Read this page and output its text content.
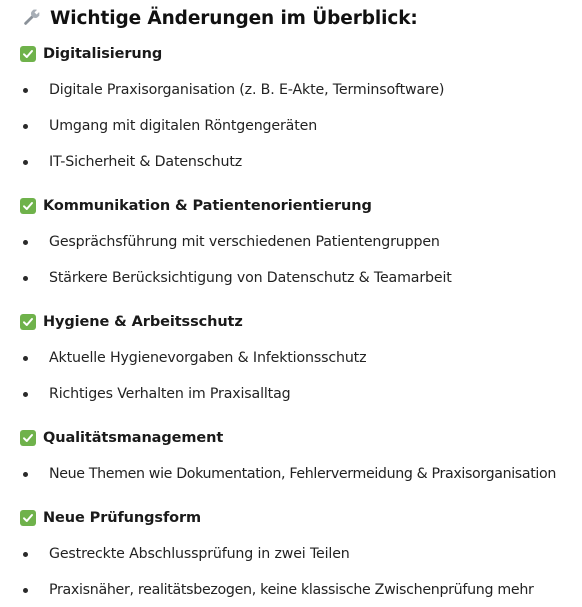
Wichtige Änderungen im Überblick:
Digitalisierung
Digitale Praxisorganisation (z. B. E-Akte, Terminsoftware)
Umgang mit digitalen Röntgengeräten
IT-Sicherheit & Datenschutz
Kommunikation & Patientenorientierung
Gesprächsführung mit verschiedenen Patientengruppen
Stärkere Berücksichtigung von Datenschutz & Teamarbeit
Hygiene & Arbeitsschutz
Aktuelle Hygienevorgaben & Infektionsschutz
Richtiges Verhalten im Praxisalltag
Qualitätsmanagement
Neue Themen wie Dokumentation, Fehlervermeidung & Praxisorganisation
Neue Prüfungsform
Gestreckte Abschlussprüfung in zwei Teilen
Praxisnäher, realitätsbezogen, keine klassische Zwischenprüfung mehr
